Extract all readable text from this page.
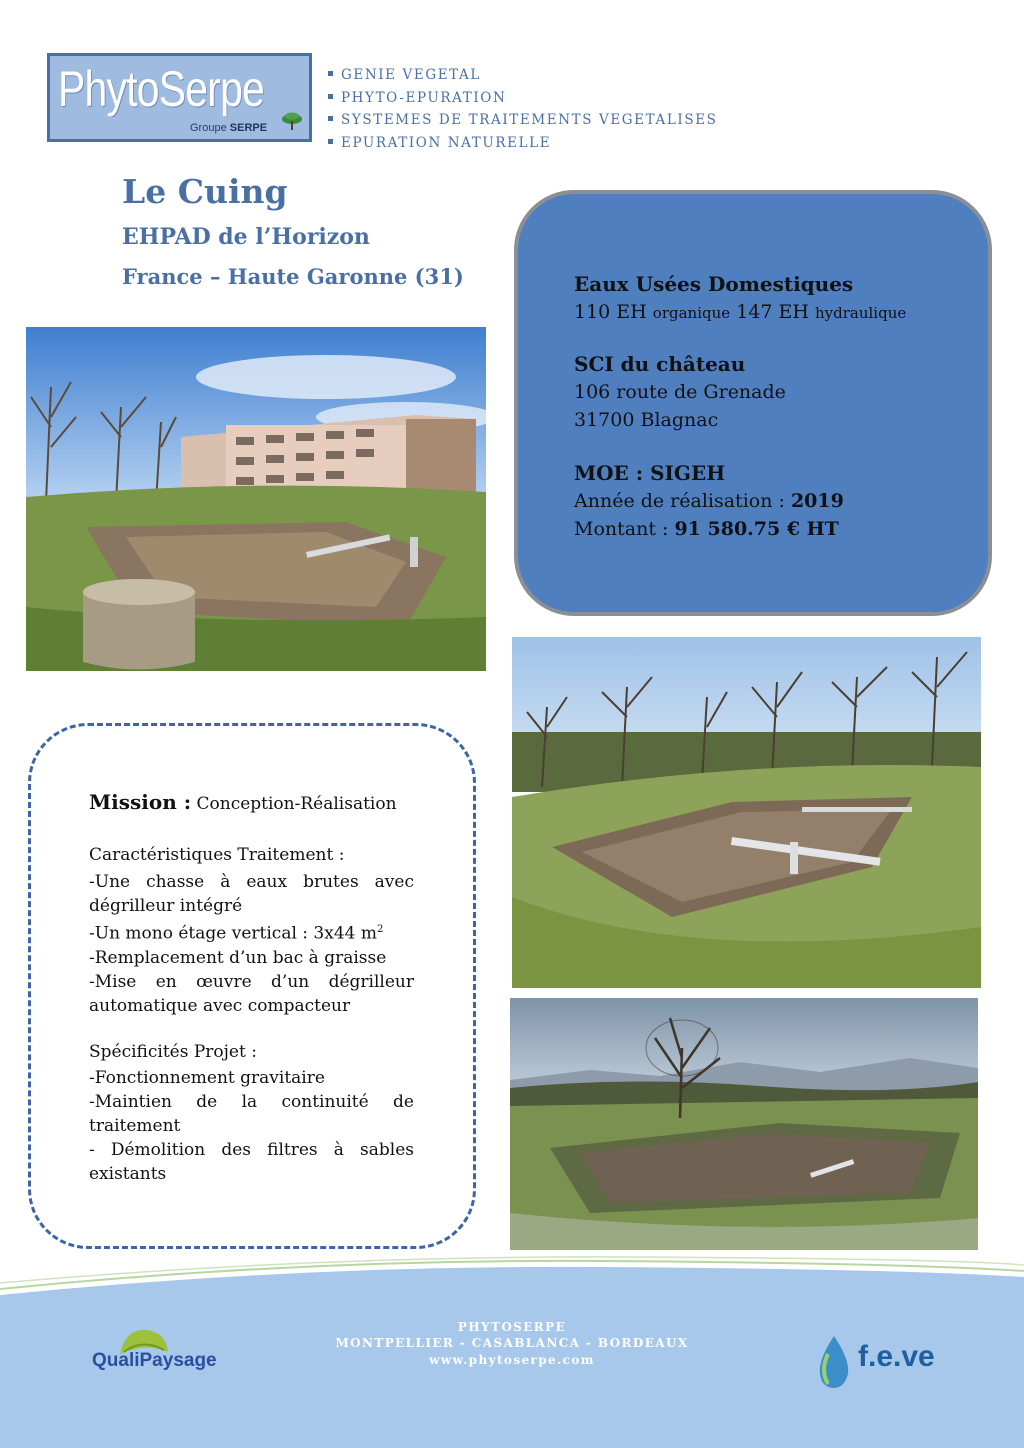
PhytoSerpe
Groupe SERPE
GENIE VEGETAL
PHYTO-EPURATION
SYSTEMES DE TRAITEMENTS VEGETALISES
EPURATION NATURELLE
Le Cuing
EHPAD de l’Horizon
France – Haute Garonne (31)	Eaux Usées Domestiques
110 EH organique 147 EH hydraulique
SCI du château
106 route de Grenade
31700 Blagnac
MOE : SIGEH
Année de réalisation : 2019
Montant : 91 580.75 € HT
Mission : Conception-Réalisation
Caractéristiques Traitement :
-Une chasse à eaux brutes avec dégrilleur intégré
-Un mono étage vertical : 3x44 $m^2$
-Remplacement d’un bac à graisse
-Mise en œuvre d’un dégrilleur automatique avec compacteur
Spécificités Projet :
-Fonctionnement gravitaire
-Maintien de la continuité de traitement
- Démolition des filtres à sables existants
PHYTOSERPE
MONTPELLIER - CASABLANCA - BORDEAUX
www.phytoserpe.com
QualiPaysage	f.e.ve
